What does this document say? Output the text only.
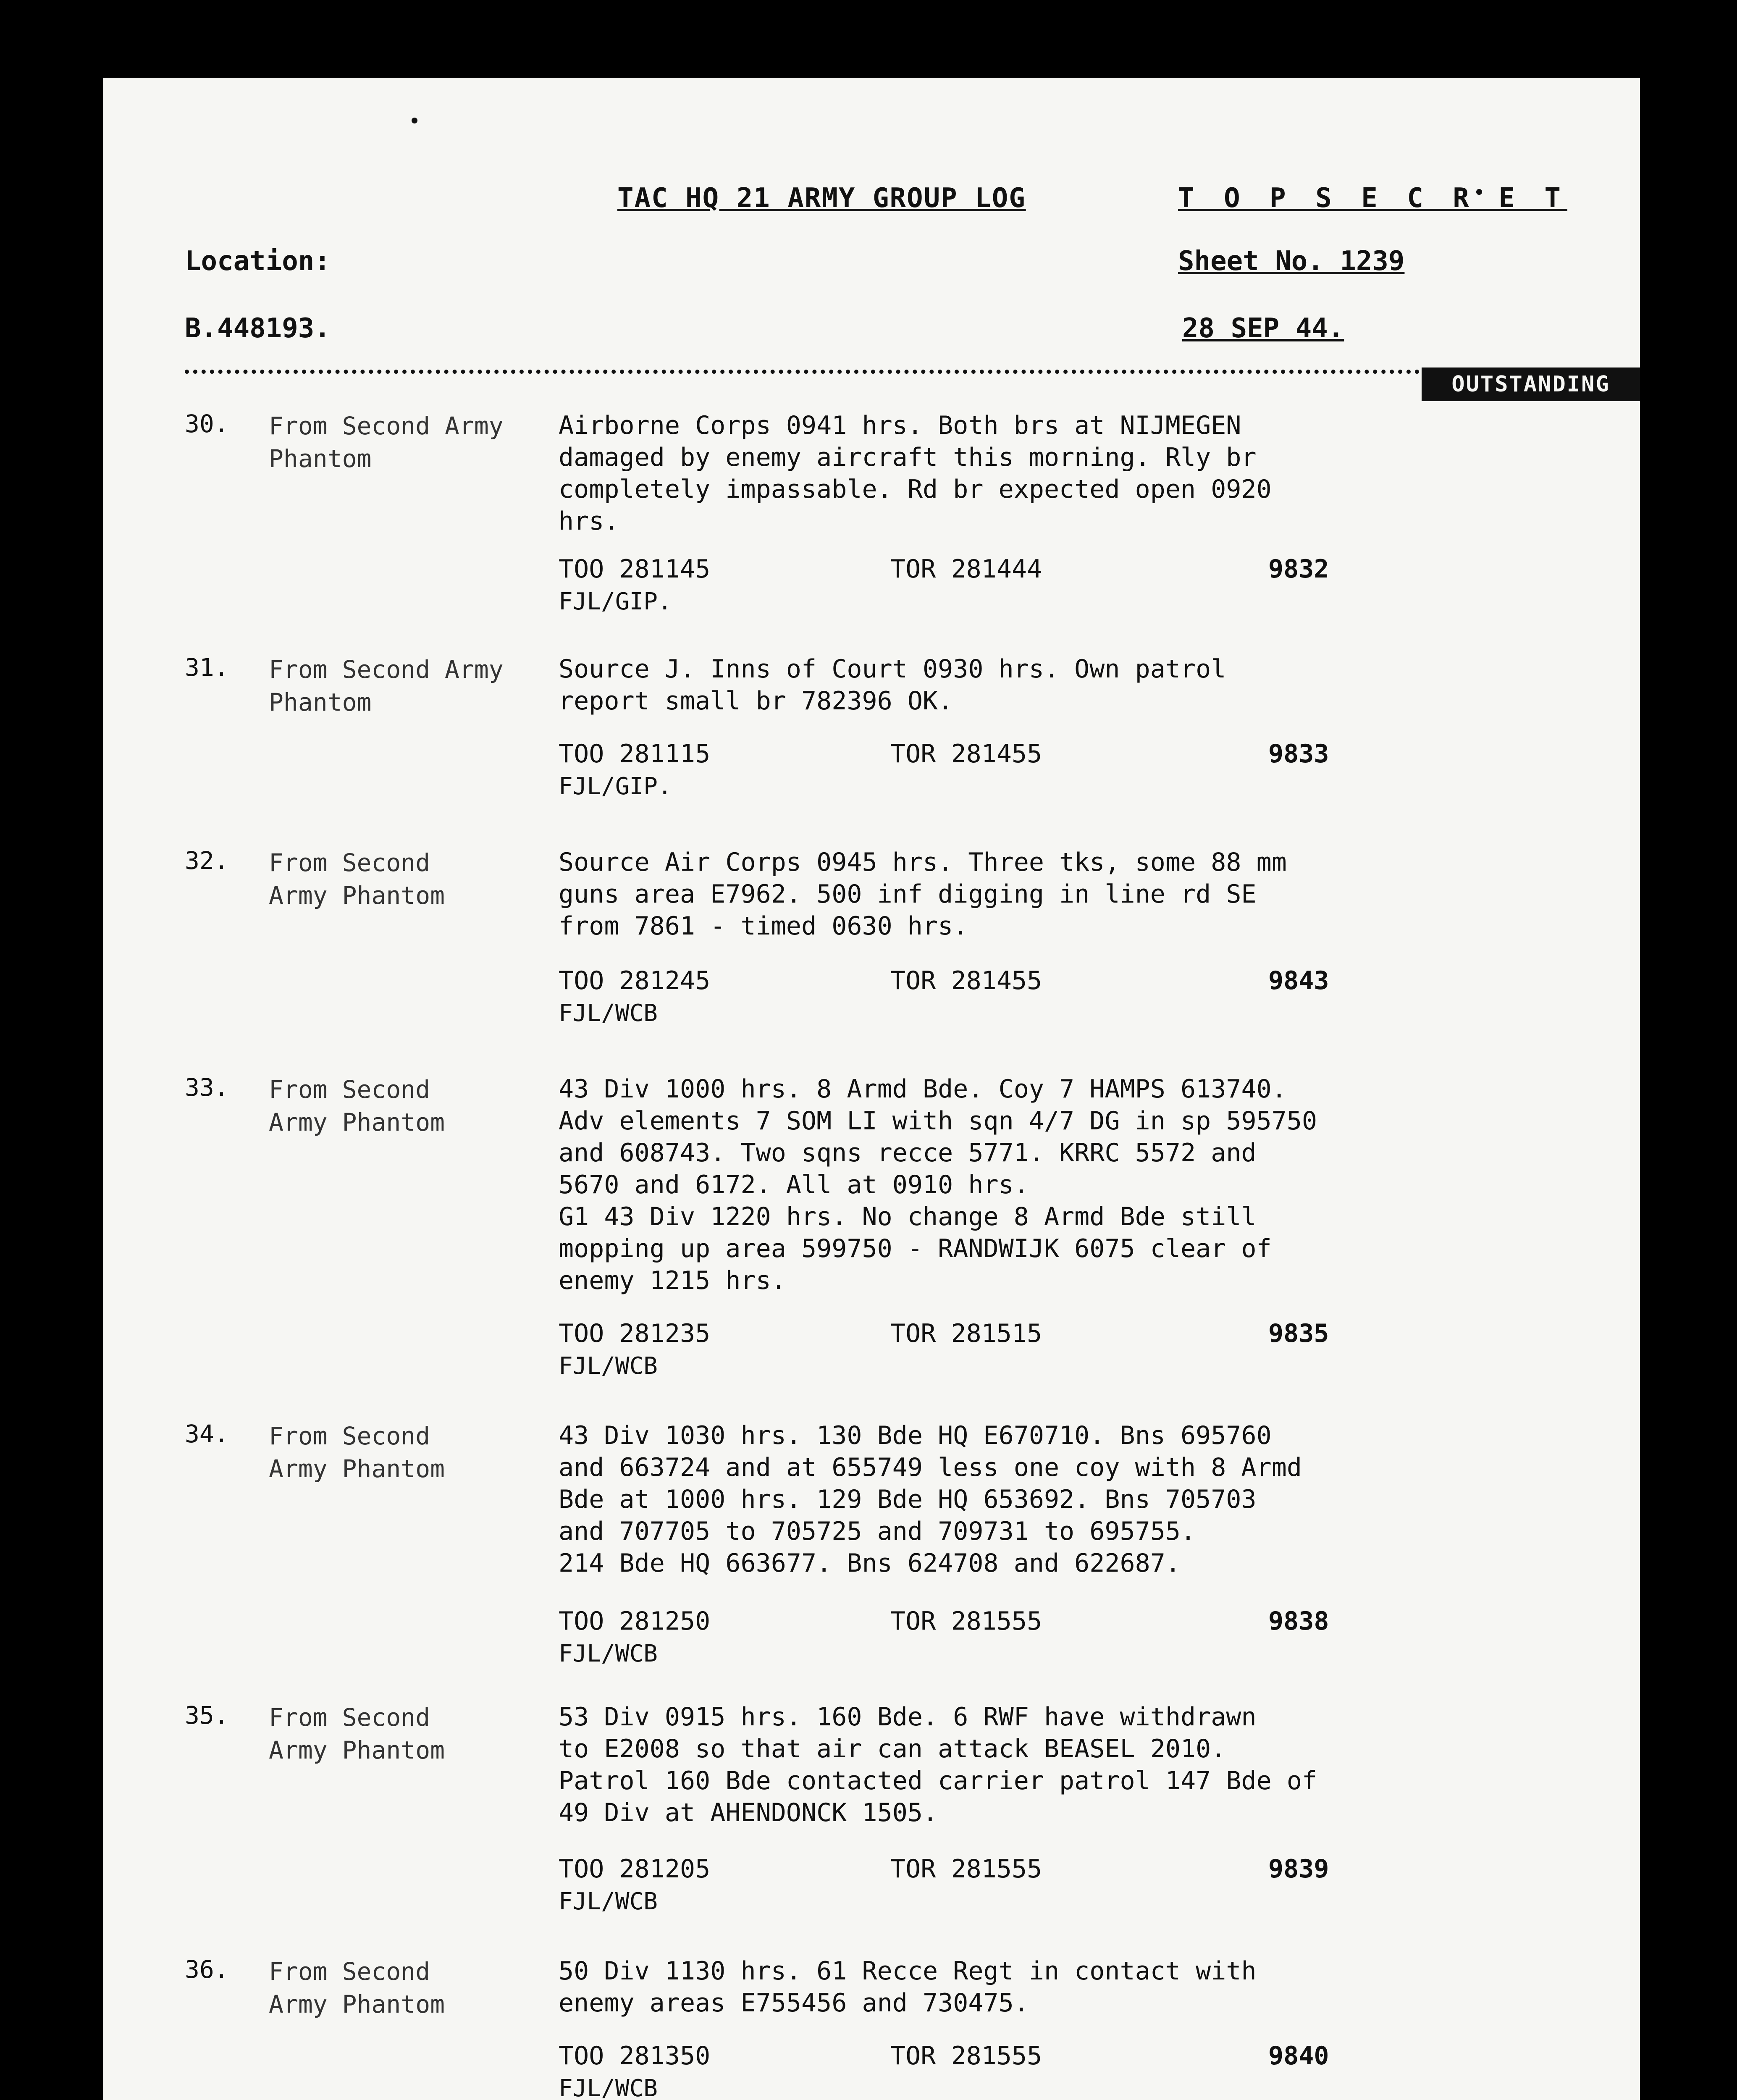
TAC HQ 21 ARMY GROUP LOG	T O P S E C R E T
Location:	Sheet No. 1239
B.448193.	28 SEP 44.
OUTSTANDING
30. From Second Army
Phantom
Airborne Corps 0941 hrs. Both brs at NIJMEGEN
damaged by enemy aircraft this morning. Rly br
completely impassable. Rd br expected open 0920
hrs.
TOO 281145	TOR 281444	9832
FJL/GIP.
31. From Second Army
Phantom
Source J. Inns of Court 0930 hrs. Own patrol
report small br 782396 OK.
TOO 281115	TOR 281455	9833
FJL/GIP.
32. From Second
Army Phantom
Source Air Corps 0945 hrs. Three tks, some 88 mm
guns area E7962. 500 inf digging in line rd SE
from 7861 - timed 0630 hrs.
TOO 281245	TOR 281455	9843
FJL/WCB
33. From Second
Army Phantom
43 Div 1000 hrs. 8 Armd Bde. Coy 7 HAMPS 613740.
Adv elements 7 SOM LI with sqn 4/7 DG in sp 595750
and 608743. Two sqns recce 5771. KRRC 5572 and
5670 and 6172. All at 0910 hrs.
G1 43 Div 1220 hrs. No change 8 Armd Bde still
mopping up area 599750 - RANDWIJK 6075 clear of
enemy 1215 hrs.
TOO 281235	TOR 281515	9835
FJL/WCB
34. From Second
Army Phantom
43 Div 1030 hrs. 130 Bde HQ E670710. Bns 695760
and 663724 and at 655749 less one coy with 8 Armd
Bde at 1000 hrs. 129 Bde HQ 653692. Bns 705703
and 707705 to 705725 and 709731 to 695755.
214 Bde HQ 663677. Bns 624708 and 622687.
TOO 281250	TOR 281555	9838
FJL/WCB
35. From Second
Army Phantom
53 Div 0915 hrs. 160 Bde. 6 RWF have withdrawn
to E2008 so that air can attack BEASEL 2010.
Patrol 160 Bde contacted carrier patrol 147 Bde of
49 Div at AHENDONCK 1505.
TOO 281205	TOR 281555	9839
FJL/WCB
36. From Second
Army Phantom
50 Div 1130 hrs. 61 Recce Regt in contact with
enemy areas E755456 and 730475.
TOO 281350	TOR 281555	9840
FJL/WCB
